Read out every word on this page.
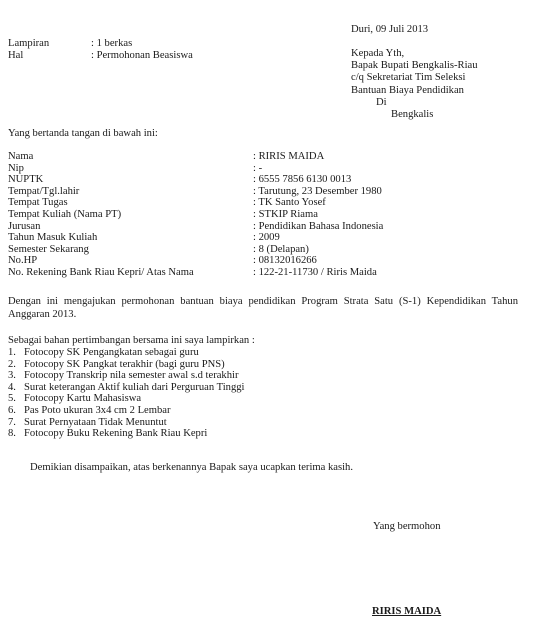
Duri, 09 Juli 2013
Lampiran	: 1 berkas
Hal	: Permohonan Beasiswa	Kepada Yth,
Bapak Bupati Bengkalis-Riau
c/q Sekretariat Tim Seleksi
Bantuan Biaya Pendidikan
Di
Bengkalis
Yang bertanda tangan di bawah ini:
Nama	: RIRIS MAIDA
Nip	: -
NUPTK	: 6555 7856 6130 0013
Tempat/Tgl.lahir	: Tarutung, 23 Desember 1980
Tempat Tugas	: TK Santo Yosef
Tempat Kuliah (Nama PT)	: STKIP Riama
Jurusan	: Pendidikan Bahasa Indonesia
Tahun Masuk Kuliah	: 2009
Semester Sekarang	: 8 (Delapan)
No.HP	: 08132016266
No. Rekening Bank Riau Kepri/ Atas Nama	: 122-21-11730 / Riris Maida
Dengan ini mengajukan permohonan bantuan biaya pendidikan Program Strata Satu (S-1) Kependidikan Tahun Anggaran 2013.
Sebagai bahan pertimbangan bersama ini saya lampirkan :
1. Fotocopy SK Pengangkatan sebagai guru
2. Fotocopy SK Pangkat terakhir (bagi guru PNS)
3. Fotocopy Transkrip nila semester awal s.d terakhir
4. Surat keterangan Aktif kuliah dari Perguruan Tinggi
5. Fotocopy Kartu Mahasiswa
6. Pas Poto ukuran 3x4 cm 2 Lembar
7. Surat Pernyataan Tidak Menuntut
8. Fotocopy Buku Rekening Bank Riau Kepri
Demikian disampaikan, atas berkenannya Bapak saya ucapkan terima kasih.
Yang bermohon
RIRIS MAIDA
